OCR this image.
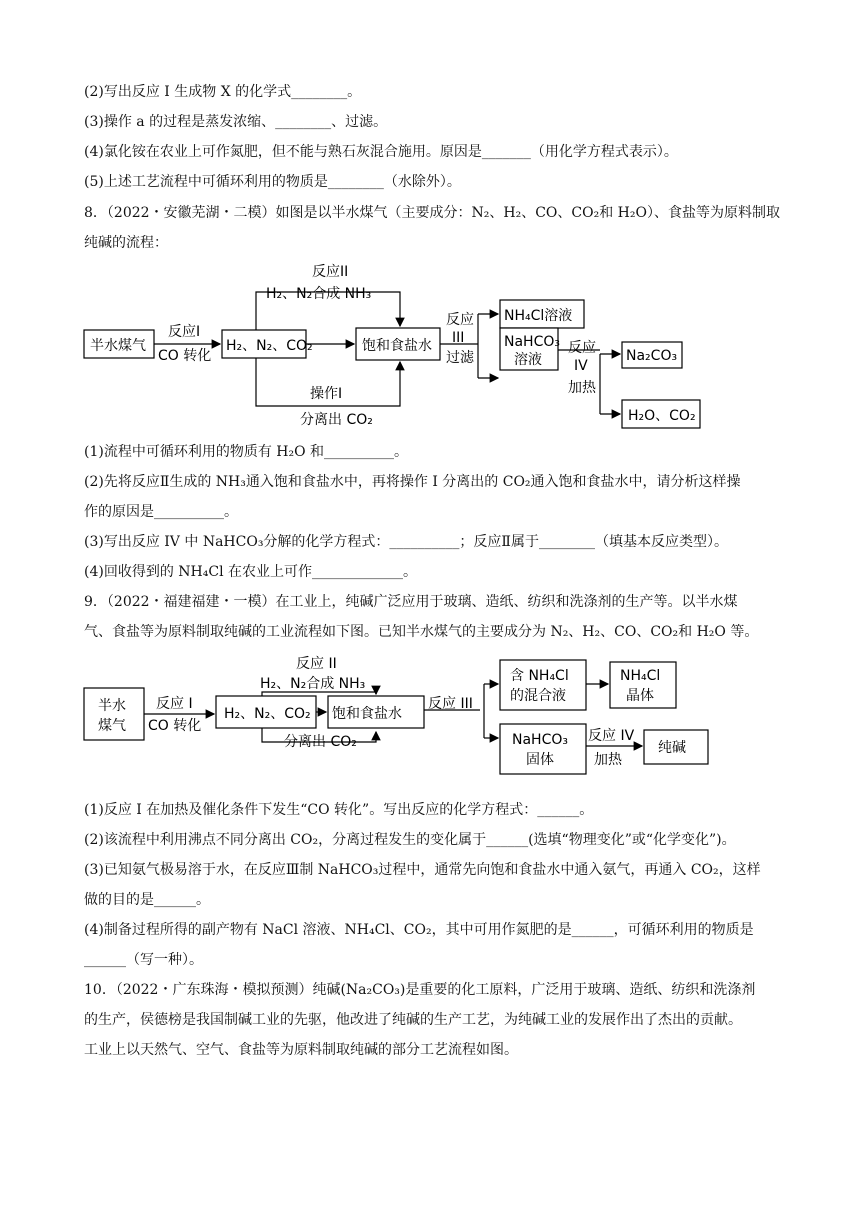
(2)写出反应 I 生成物 X 的化学式________。
(3)操作 a 的过程是蒸发浓缩、________、过滤。
(4)氯化铵在农业上可作氮肥，但不能与熟石灰混合施用。原因是_______（用化学方程式表示）。
(5)上述工艺流程中可循环利用的物质是________（水除外）。
8．（2022・安徽芜湖・二模）如图是以半水煤气（主要成分：N₂、H₂、CO、CO₂和 H₂O）、食盐等为原料制取
纯碱的流程：
半水煤气
反应I
CO 转化
H₂、N₂、CO₂
反应II
H₂、N₂合成 NH₃
饱和食盐水
操作I
分离出 CO₂
反应
III
过滤
NH₄Cl溶液
NaHCO₃
溶液
反应
IV
加热
Na₂CO₃
H₂O、CO₂
(1)流程中可循环利用的物质有 H₂O 和__________。
(2)先将反应Ⅱ生成的 NH₃通入饱和食盐水中，再将操作 I 分离出的 CO₂通入饱和食盐水中，请分析这样操
作的原因是__________。
(3)写出反应 IV 中 NaHCO₃分解的化学方程式：__________；反应Ⅱ属于________（填基本反应类型）。
(4)回收得到的 NH₄Cl 在农业上可作_____________。
9．（2022・福建福建・一模）在工业上，纯碱广泛应用于玻璃、造纸、纺织和洗涤剂的生产等。以半水煤
气、食盐等为原料制取纯碱的工业流程如下图。已知半水煤气的主要成分为 N₂、H₂、CO、CO₂和 H₂O 等。
半水
煤气
反应 I
CO 转化
H₂、N₂、CO₂
反应 II
H₂、N₂合成 NH₃
饱和食盐水
分离出 CO₂
反应 III
含 NH₄Cl
的混合液
NH₄Cl
晶体
NaHCO₃
固体
反应 IV
加热
纯碱
(1)反应 I 在加热及催化条件下发生“CO 转化”。写出反应的化学方程式：______。
(2)该流程中利用沸点不同分离出 CO₂，分离过程发生的变化属于______(选填“物理变化”或“化学变化”)。
(3)已知氨气极易溶于水，在反应Ⅲ制 NaHCO₃过程中，通常先向饱和食盐水中通入氨气，再通入 CO₂，这样
做的目的是______。
(4)制备过程所得的副产物有 NaCl 溶液、NH₄Cl、CO₂，其中可用作氮肥的是______，可循环利用的物质是
______（写一种）。
10．（2022・广东珠海・模拟预测）纯碱(Na₂CO₃)是重要的化工原料，广泛用于玻璃、造纸、纺织和洗涤剂
的生产，侯德榜是我国制碱工业的先驱，他改进了纯碱的生产工艺，为纯碱工业的发展作出了杰出的贡献。
工业上以天然气、空气、食盐等为原料制取纯碱的部分工艺流程如图。
